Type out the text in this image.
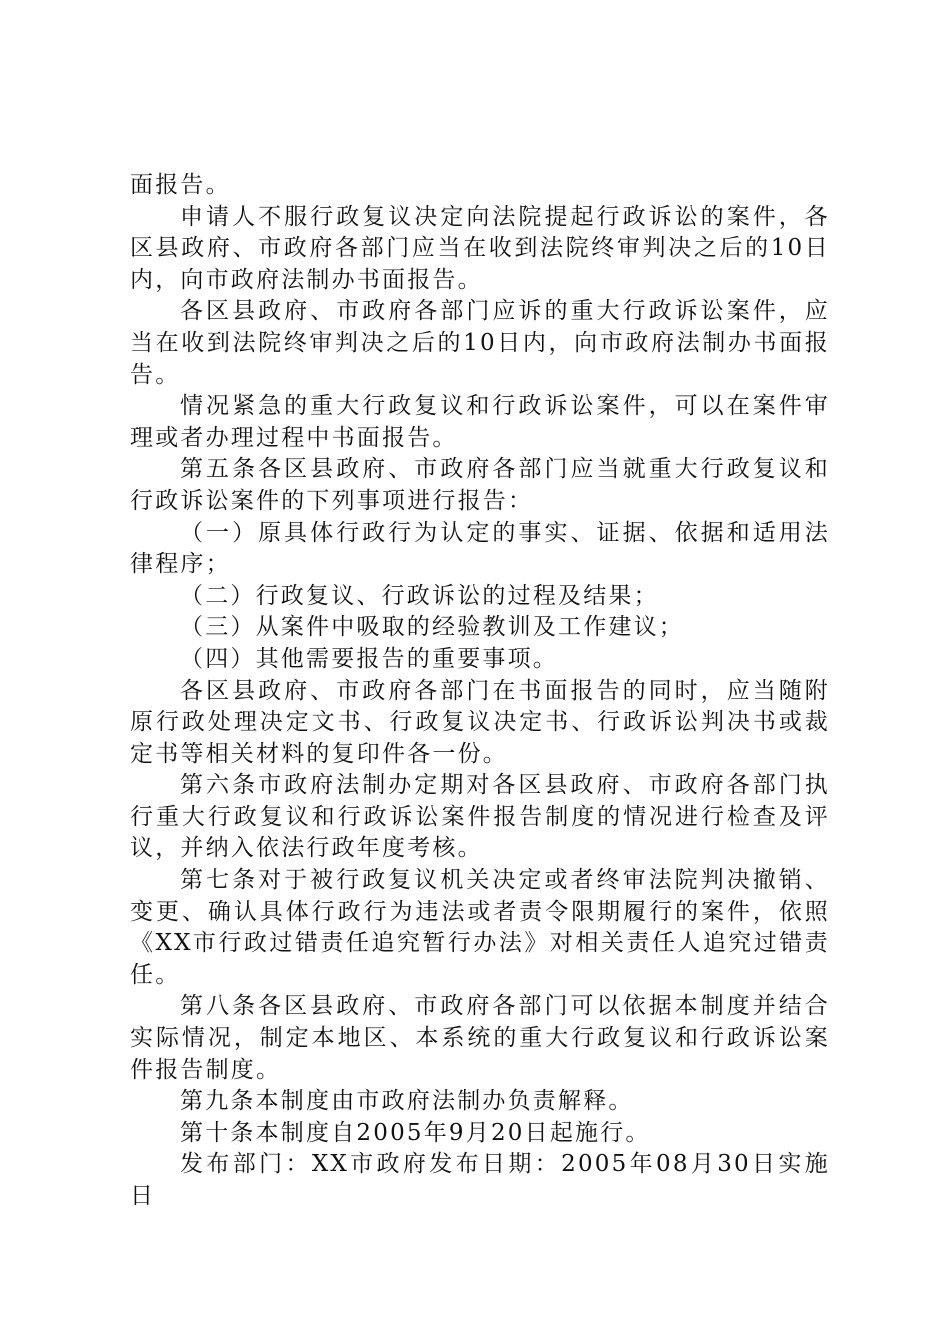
面报告。

申请人不服行政复议决定向法院提起行政诉讼的案件，各区县政府、市政府各部门应当在收到法院终审判决之后的10日内，向市政府法制办书面报告。

各区县政府、市政府各部门应诉的重大行政诉讼案件，应当在收到法院终审判决之后的10日内，向市政府法制办书面报告。

情况紧急的重大行政复议和行政诉讼案件，可以在案件审理或者办理过程中书面报告。

第五条各区县政府、市政府各部门应当就重大行政复议和行政诉讼案件的下列事项进行报告：

（一）原具体行政行为认定的事实、证据、依据和适用法律程序；

（二）行政复议、行政诉讼的过程及结果；

（三）从案件中吸取的经验教训及工作建议；

（四）其他需要报告的重要事项。

各区县政府、市政府各部门在书面报告的同时，应当随附原行政处理决定文书、行政复议决定书、行政诉讼判决书或裁定书等相关材料的复印件各一份。

第六条市政府法制办定期对各区县政府、市政府各部门执行重大行政复议和行政诉讼案件报告制度的情况进行检查及评议，并纳入依法行政年度考核。

第七条对于被行政复议机关决定或者终审法院判决撤销、变更、确认具体行政行为违法或者责令限期履行的案件，依照《XX市行政过错责任追究暂行办法》对相关责任人追究过错责任。

第八条各区县政府、市政府各部门可以依据本制度并结合实际情况，制定本地区、本系统的重大行政复议和行政诉讼案件报告制度。

第九条本制度由市政府法制办负责解释。

第十条本制度自2005年9月20日起施行。

发布部门：XX市政府发布日期：2005年08月30日实施日
